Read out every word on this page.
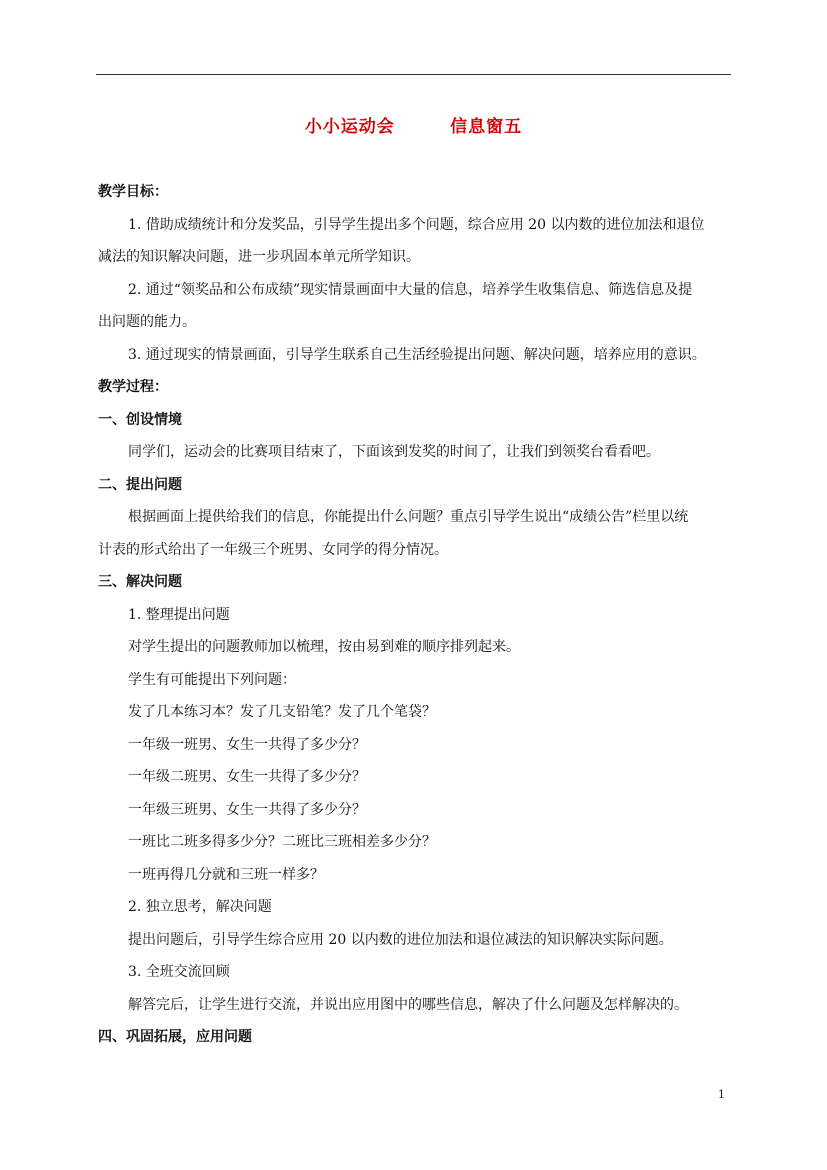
小小运动会        信息窗五
教学目标：
1. 借助成绩统计和分发奖品，引导学生提出多个问题，综合应用 20 以内数的进位加法和退位
减法的知识解决问题，进一步巩固本单元所学知识。
2. 通过“领奖品和公布成绩”现实情景画面中大量的信息，培养学生收集信息、筛选信息及提
出问题的能力。
3. 通过现实的情景画面，引导学生联系自己生活经验提出问题、解决问题，培养应用的意识。
教学过程：
一、创设情境
同学们，运动会的比赛项目结束了，下面该到发奖的时间了，让我们到领奖台看看吧。
二、提出问题
根据画面上提供给我们的信息，你能提出什么问题？重点引导学生说出“成绩公告”栏里以统
计表的形式给出了一年级三个班男、女同学的得分情况。
三、解决问题
1. 整理提出问题
对学生提出的问题教师加以梳理，按由易到难的顺序排列起来。
学生有可能提出下列问题：
发了几本练习本？发了几支铅笔？发了几个笔袋？
一年级一班男、女生一共得了多少分？
一年级二班男、女生一共得了多少分？
一年级三班男、女生一共得了多少分？
一班比二班多得多少分？二班比三班相差多少分？
一班再得几分就和三班一样多？
2. 独立思考，解决问题
提出问题后，引导学生综合应用 20 以内数的进位加法和退位减法的知识解决实际问题。
3. 全班交流回顾
解答完后，让学生进行交流，并说出应用图中的哪些信息，解决了什么问题及怎样解决的。
四、巩固拓展，应用问题
1
